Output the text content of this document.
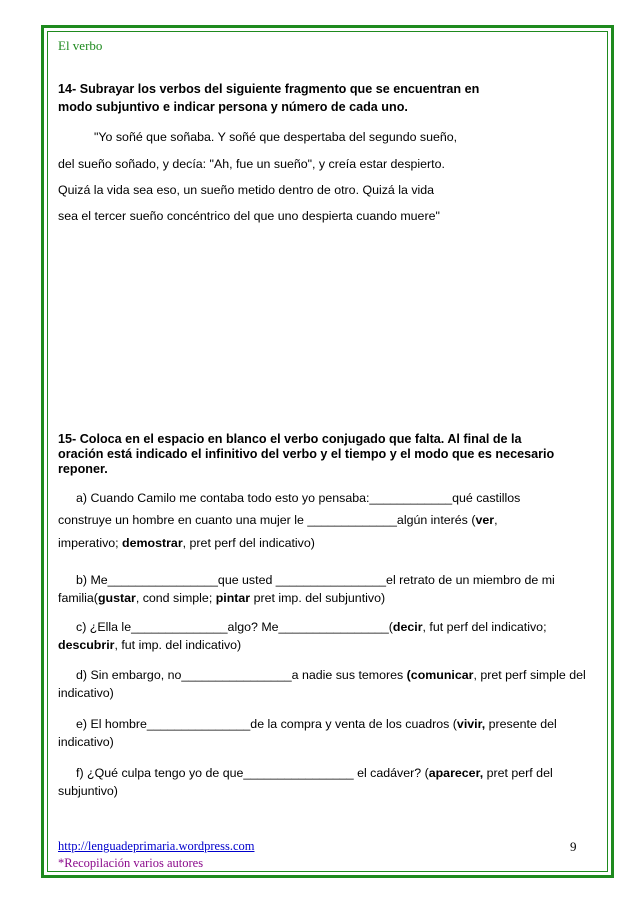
El verbo
14- Subrayar los verbos del siguiente fragmento que se encuentran en
modo subjuntivo e indicar persona y número de cada uno.
"Yo soñé que soñaba. Y soñé que despertaba del segundo sueño,
del sueño soñado, y decía: "Ah, fue un sueño", y creía estar despierto.
Quizá la vida sea eso, un sueño metido dentro de otro. Quizá la vida
sea el tercer sueño concéntrico del que uno despierta cuando muere"
15- Coloca en el espacio en blanco el verbo conjugado que falta. Al final de la
oración está indicado el infinitivo del verbo y el tiempo y el modo que es necesario
reponer.
a) Cuando Camilo me contaba todo esto yo pensaba:____________qué castillos
construye un hombre en cuanto una mujer le _____________algún interés (ver,
imperativo; demostrar, pret perf del indicativo)
b) Me________________que usted ________________el retrato de un miembro de mi familia(gustar, cond simple; pintar pret imp. del subjuntivo)
c) ¿Ella le______________algo? Me________________(decir, fut perf del indicativo; descubrir, fut imp. del indicativo)
d) Sin embargo, no________________a nadie sus temores (comunicar, pret perf simple del indicativo)
e) El hombre_______________de la compra y venta de los cuadros (vivir, presente del indicativo)
f) ¿Qué culpa tengo yo de que________________ el cadáver? (aparecer, pret perf del subjuntivo)
http://lenguadeprimaria.wordpress.com
*Recopilación varios autores
9
